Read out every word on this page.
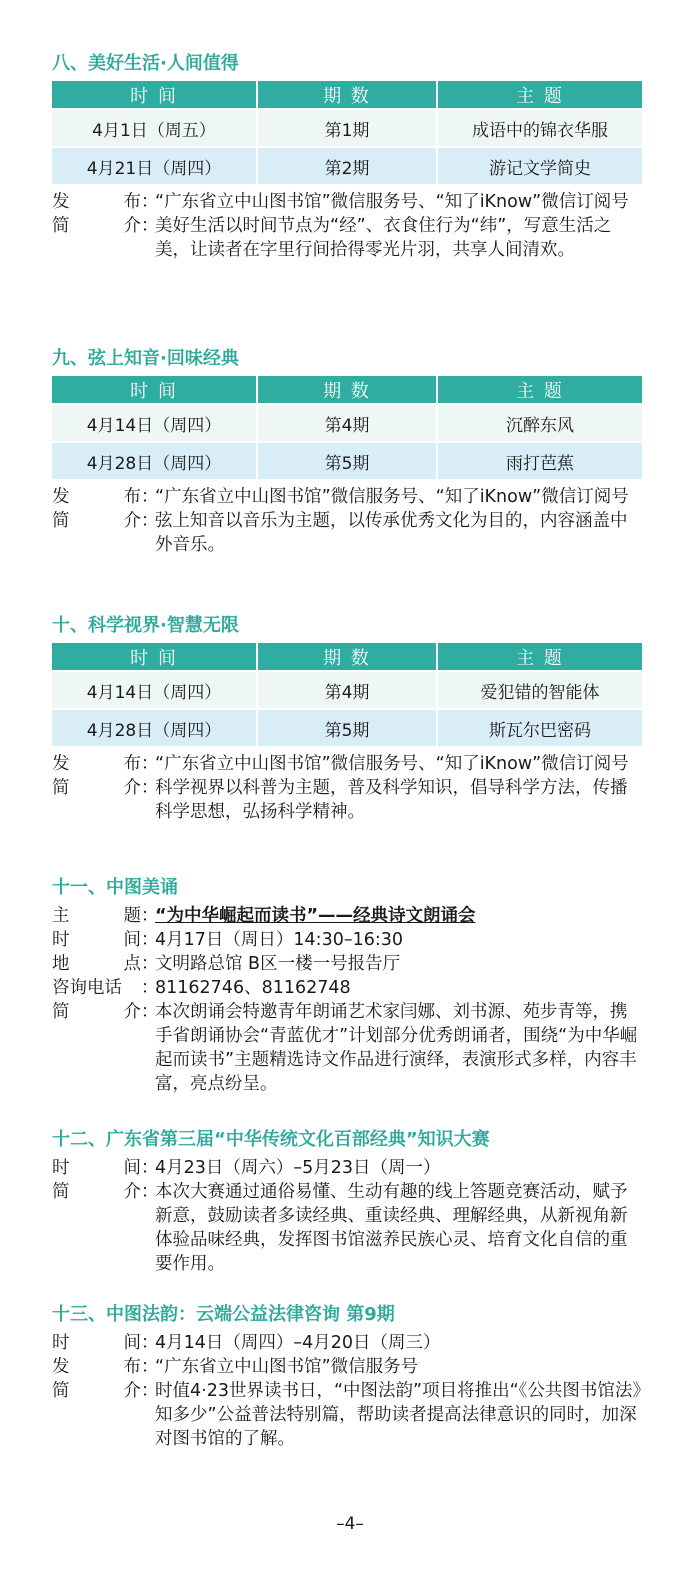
八、美好生活·人间值得
时 间	期 数	主 题
4月1日（周五）	第1期	成语中的锦衣华服
4月21日（周四）	第2期	游记文学简史
发	布 ：
“广东省立中山图书馆”微信服务号、“知了iKnow”微信订阅号
简	介 ：
美好生活以时间节点为“经”、衣食住行为“纬”，写意生活之美，让读者在字里行间拾得零光片羽，共享人间清欢。
九、弦上知音·回味经典
时 间	期 数	主 题
4月14日（周四）	第4期	沉醉东风
4月28日（周四）	第5期	雨打芭蕉
发	布 ：
“广东省立中山图书馆”微信服务号、“知了iKnow”微信订阅号
简	介 ：
弦上知音以音乐为主题，以传承优秀文化为目的，内容涵盖中外音乐。
十、科学视界·智慧无限
时 间	期 数	主 题
4月14日（周四）	第4期	爱犯错的智能体
4月28日（周四）	第5期	斯瓦尔巴密码
发	布 ：
“广东省立中山图书馆”微信服务号、“知了iKnow”微信订阅号
简	介 ：
科学视界以科普为主题，普及科学知识，倡导科学方法，传播科学思想，弘扬科学精神。
十一、中图美诵
主	题 ：
“为中华崛起而读书”——经典诗文朗诵会
时	间 ：
4月17日（周日）14:30–16:30
地	点 ：
文明路总馆 B区一楼一号报告厅
咨询电话 ：
81162746、81162748
简	介 ：
本次朗诵会特邀青年朗诵艺术家闫娜、刘书源、苑步青等，携手省朗诵协会“青蓝优才”计划部分优秀朗诵者，围绕“为中华崛起而读书”主题精选诗文作品进行演绎，表演形式多样，内容丰富，亮点纷呈。
十二、广东省第三届“中华传统文化百部经典”知识大赛
时	间 ：
4月23日（周六）–5月23日（周一）
简	介 ：
本次大赛通过通俗易懂、生动有趣的线上答题竞赛活动，赋予新意，鼓励读者多读经典、重读经典、理解经典，从新视角新体验品味经典，发挥图书馆滋养民族心灵、培育文化自信的重要作用。
十三、中图法韵：云端公益法律咨询 第9期
时	间 ：
4月14日（周四）–4月20日（周三）
发	布 ：
“广东省立中山图书馆”微信服务号
简	介 ：
时值4·23世界读书日，“中图法韵”项目将推出“《公共图书馆法》知多少”公益普法特别篇，帮助读者提高法律意识的同时，加深对图书馆的了解。
–4–
